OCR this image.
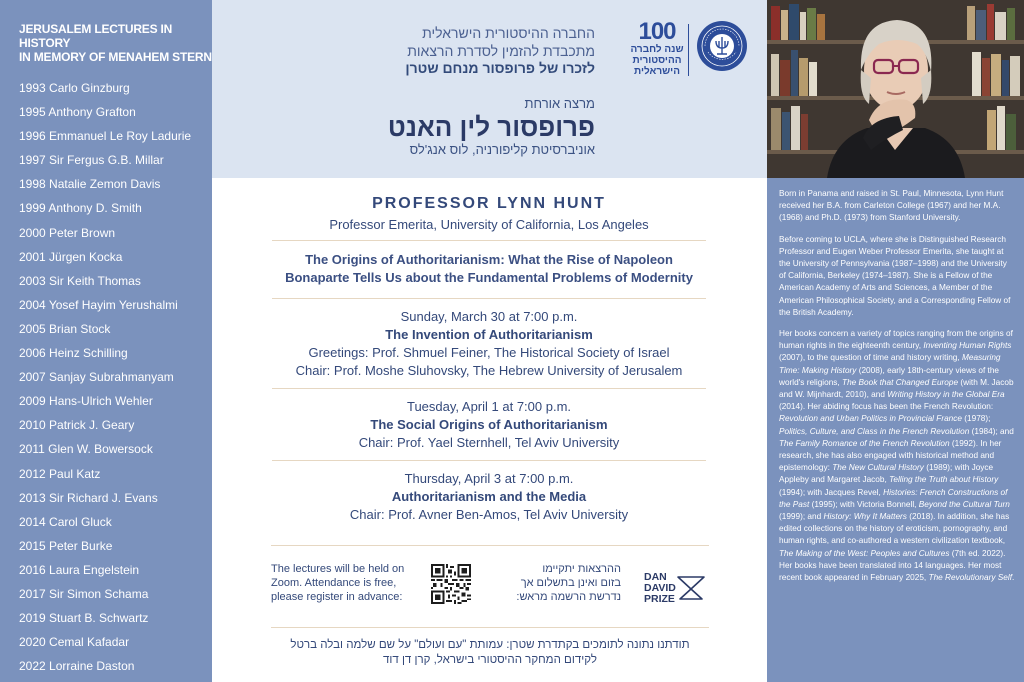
JERUSALEM LECTURES IN HISTORY
IN MEMORY OF MENAHEM STERN
1993 Carlo Ginzburg
1995 Anthony Grafton
1996 Emmanuel Le Roy Ladurie
1997 Sir Fergus G.B. Millar
1998 Natalie Zemon Davis
1999 Anthony D. Smith
2000 Peter Brown
2001 Jürgen Kocka
2003 Sir Keith Thomas
2004 Yosef Hayim Yerushalmi
2005 Brian Stock
2006 Heinz Schilling
2007 Sanjay Subrahmanyam
2009 Hans-Ulrich Wehler
2010 Patrick J. Geary
2011 Glen W. Bowersock
2012 Paul Katz
2013 Sir Richard J. Evans
2014 Carol Gluck
2015 Peter Burke
2016 Laura Engelstein
2017 Sir Simon Schama
2019 Stuart B. Schwartz
2020 Cemal Kafadar
2022 Lorraine Daston
החברה ההיסטורית הישראלית
מתכבדת להזמין לסדרת הרצאות
לזכרו של פרופסור מנחם שטרן
מרצה אורחת
פרופסור לין האנט
אוניברסיטת קליפורניה, לוס אנג'לס
100
שנה לחברה
ההיסטורית
הישראלית
PROFESSOR LYNN HUNT
Professor Emerita, University of California, Los Angeles
The Origins of Authoritarianism: What the Rise of Napoleon
Bonaparte Tells Us about the Fundamental Problems of Modernity
Sunday, March 30 at 7:00 p.m.
The Invention of Authoritarianism
Greetings: Prof. Shmuel Feiner, The Historical Society of Israel
Chair: Prof. Moshe Sluhovsky, The Hebrew University of Jerusalem
Tuesday, April 1 at 7:00 p.m.
The Social Origins of Authoritarianism
Chair: Prof. Yael Sternhell, Tel Aviv University
Thursday, April 3 at 7:00 p.m.
Authoritarianism and the Media
Chair: Prof. Avner Ben-Amos, Tel Aviv University
The lectures will be held on
Zoom. Attendance is free,
please register in advance:
ההרצאות יתקיימו
בזום ואינן בתשלום אך
נדרשת הרשמה מראש:
DAN
DAVID
PRIZE
תודתנו נתונה לתומכים בקתדרת שטרן: עמותת "עם ועולם" על שם שלמה ובלה ברטל
לקידום המחקר ההיסטורי בישראל, קרן דן דוד

Born in Panama and raised in St. Paul, Minnesota, Lynn Hunt received her B.A. from Carleton College (1967) and her M.A. (1968) and Ph.D. (1973) from Stanford University.

Before coming to UCLA, where she is Distinguished Research Professor and Eugen Weber Professor Emerita, she taught at the University of Pennsylvania (1987–1998) and the University of California, Berkeley (1974–1987). She is a Fellow of the American Academy of Arts and Sciences, a Member of the American Philosophical Society, and a Corresponding Fellow of the British Academy.

Her books concern a variety of topics ranging from the origins of human rights in the eighteenth century, Inventing Human Rights (2007), to the question of time and history writing, Measuring Time: Making History (2008), early 18th-century views of the world's religions, The Book that Changed Europe (with M. Jacob and W. Mijnhardt, 2010), and Writing History in the Global Era (2014). Her abiding focus has been the French Revolution: Revolution and Urban Politics in Provincial France (1978); Politics, Culture, and Class in the French Revolution (1984); and The Family Romance of the French Revolution (1992). In her research, she has also engaged with historical method and epistemology: The New Cultural History (1989); with Joyce Appleby and Margaret Jacob, Telling the Truth about History (1994); with Jacques Revel, Histories: French Constructions of the Past (1995); with Victoria Bonnell, Beyond the Cultural Turn (1999); and History: Why It Matters (2018). In addition, she has edited collections on the history of eroticism, pornography, and human rights, and co-authored a western civilization textbook, The Making of the West: Peoples and Cultures (7th ed. 2022). Her books have been translated into 14 languages. Her most recent book appeared in February 2025, The Revolutionary Self.
